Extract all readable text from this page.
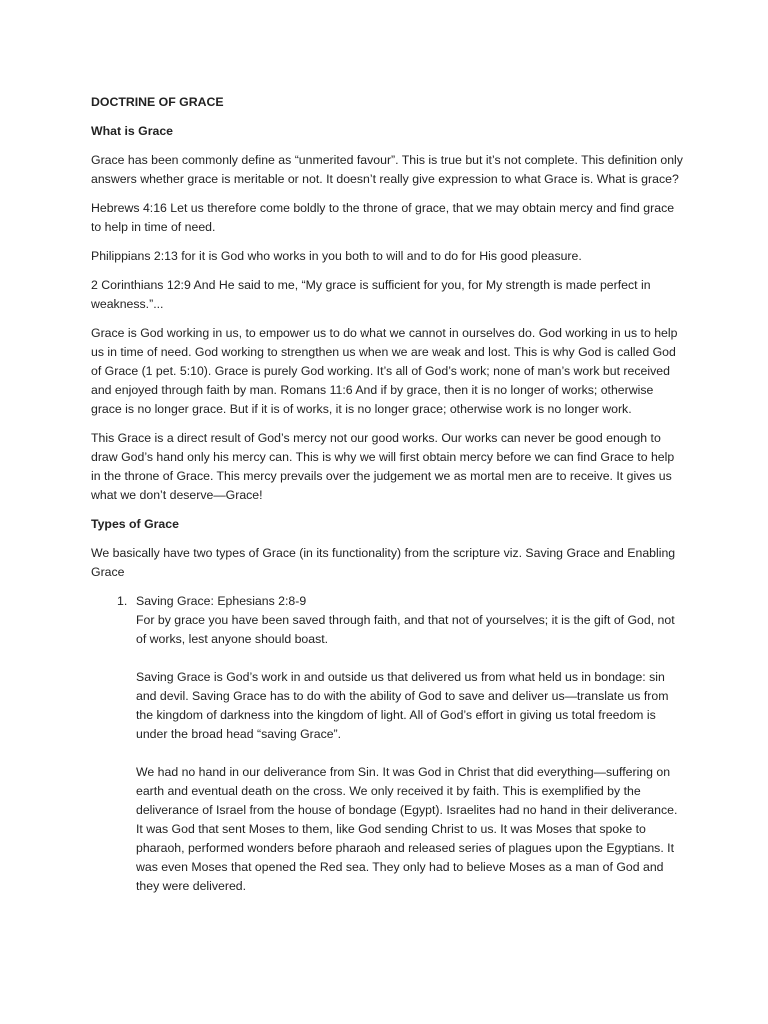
DOCTRINE OF GRACE
What is Grace

Grace has been commonly define as “unmerited favour”. This is true but it’s not complete. This definition only answers whether grace is meritable or not. It doesn’t really give expression to what Grace is. What is grace?

Hebrews 4:16 Let us therefore come boldly to the throne of grace, that we may obtain mercy and find grace to help in time of need.

Philippians 2:13 for it is God who works in you both to will and to do for His good pleasure.

2 Corinthians 12:9 And He said to me, “My grace is sufficient for you, for My strength is made perfect in weakness.”...

Grace is God working in us, to empower us to do what we cannot in ourselves do. God working in us to help us in time of need. God working to strengthen us when we are weak and lost. This is why God is called God of Grace (1 pet. 5:10). Grace is purely God working. It’s all of God’s work; none of man’s work but received and enjoyed through faith by man. Romans 11:6 And if by grace, then it is no longer of works; otherwise grace is no longer grace. But if it is of works, it is no longer grace; otherwise work is no longer work.

This Grace is a direct result of God’s mercy not our good works. Our works can never be good enough to draw God’s hand only his mercy can. This is why we will first obtain mercy before we can find Grace to help in the throne of Grace. This mercy prevails over the judgement we as mortal men are to receive. It gives us what we don’t deserve—Grace!

Types of Grace

We basically have two types of Grace (in its functionality) from the scripture viz. Saving Grace and Enabling Grace

1. Saving Grace: Ephesians 2:8-9
For by grace you have been saved through faith, and that not of yourselves; it is the gift of God, not of works, lest anyone should boast.
Saving Grace is God’s work in and outside us that delivered us from what held us in bondage: sin and devil. Saving Grace has to do with the ability of God to save and deliver us—translate us from the kingdom of darkness into the kingdom of light. All of God’s effort in giving us total freedom is under the broad head “saving Grace”.
We had no hand in our deliverance from Sin. It was God in Christ that did everything—suffering on earth and eventual death on the cross. We only received it by faith. This is exemplified by the deliverance of Israel from the house of bondage (Egypt). Israelites had no hand in their deliverance. It was God that sent Moses to them, like God sending Christ to us. It was Moses that spoke to pharaoh, performed wonders before pharaoh and released series of plagues upon the Egyptians. It was even Moses that opened the Red sea. They only had to believe Moses as a man of God and they were delivered.
